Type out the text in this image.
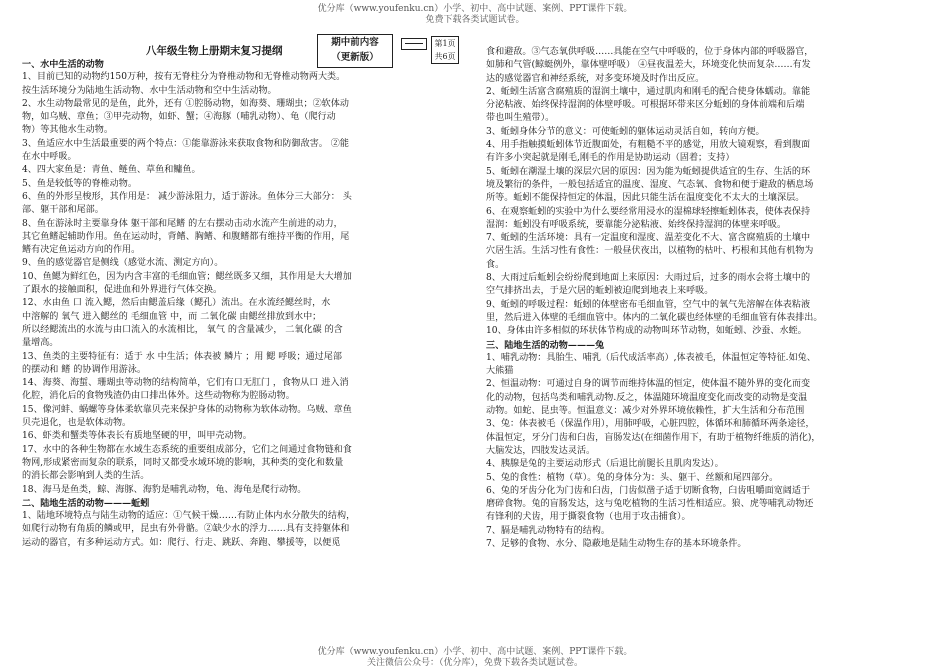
优分库（www.youfenku.cn）小学、初中、高中试题、案例、PPT课件下载。
免费下载各类试题试卷。
八年级生物上册期末复习提纲
期中前内容
（更新版）
第1页
共6页
一、水中生活的动物
1、目前已知的动物约150万种，按有无脊柱分为脊椎动物和无脊椎动物两大类。
按生活环境分为陆地生活动物、水中生活动物和空中生活动物。
2、水生动物最常见的是鱼，此外，还有 ①腔肠动物，如海葵、珊瑚虫；②软体动
物，如乌贼、章鱼；③甲壳动物，如虾、蟹；④海豚（哺乳动物）、龟（爬行动
物）等其他水生动物。
3、鱼适应水中生活最重要的两个特点：①能靠游泳来获取食物和防御敌害。 ②能
在水中呼吸。
4、四大家鱼是：青鱼、鲢鱼、草鱼和鳙鱼。
5、鱼是较低等的脊椎动物。
6、鱼的外形呈梭形，其作用是： 减少游泳阻力，适于游泳。鱼体分三大部分： 头
部、躯干部和尾部。
8、鱼在游泳时主要靠身体 躯干部和尾鳍 的左右摆动击动水流产生前进的动力，
其它鱼鳍起辅助作用。鱼在运动时，背鳍、胸鳍、和腹鳍都有维持平衡的作用，尾
鳍有决定鱼运动方向的作用。
9、鱼的感觉器官是侧线（感觉水流、测定方向）。
10、鱼鳃为鲜红色，因为内含丰富的毛细血管；鳃丝既多又细，其作用是大大增加
了跟水的接触面积，促进血和外界进行气体交换。
12、水由鱼 口 流入鳃，然后由鳃盖后缘（鳃孔）流出。在水流经鳃丝时，水
中溶解的 氧气 进入鳃丝的 毛细血管 中，而 二氧化碳 由鳃丝排放到水中；
所以经鳃流出的水流与由口流入的水流相比， 氧气 的含量减少， 二氧化碳 的含
量增高。
13、鱼类的主要特征有：适于 水 中生活；体表被 鳞片 ；用 鳃 呼吸；通过尾部
的摆动和 鳍 的协调作用游泳。
14、海葵、海蜇、珊瑚虫等动物的结构简单，它们有口无肛门 ，食物从口 进入消
化腔，消化后的食物残渣仍由口排出体外。这些动物称为腔肠动物。
15、像河蚌、蜗螺等身体柔软靠贝壳来保护身体的动物称为软体动物。乌贼、章鱼
贝壳退化，也是软体动物。
16、虾类和蟹类等体表长有质地坚硬的甲，叫甲壳动物。
17、水中的各种生物都在水域生态系统的重要组成部分，它们之间通过食物链和食
物网,形成紧密而复杂的联系，同时又都受水域环境的影响，其种类的变化和数量
的消长都会影响到人类的生活。
18、海马是鱼类，鲸、海豚、海豹是哺乳动物，龟、海龟是爬行动物。
二、陆地生活的动物———蚯蚓
1、陆地环境特点与陆生动物的适应：①气候干燥……有防止体内水分散失的结构，
如爬行动物有角质的鳞或甲，昆虫有外骨骼。②缺少水的浮力……具有支持躯体和
运动的器官，有多种运动方式。如：爬行、行走、跳跃、奔跑、攀援等，以便觅
食和避敌。③气态氧供呼吸……具能在空气中呼吸的，位于身体内部的呼吸器官，
如肺和气管(鲸蜓例外，靠体壁呼吸） ④昼夜温差大，环境变化快而复杂……有发
达的感觉器官和神经系统，对多变环境及时作出反应。
2、蚯蚓生活富含腐殖质的湿润土壤中，通过肌肉和刚毛的配合使身体蠕动。靠能
分泌粘液、始终保持湿润的体壁呼吸。可根据环带来区分蚯蚓的身体前端和后端
带也叫生殖带）。
3、蚯蚓身体分节的意义：可使蚯蚓的躯体运动灵活自如，转向方便。
4、用手指触摸蚯蚓体节近腹面处，有粗糙不平的感觉，用放大镜观察，看到腹面
有许多小突起就是刚毛,刚毛的作用是协助运动（固着；支持）
5、蚯蚓在潮湿土壤的深层穴居的原因：因为能为蚯蚓提供适宜的生存、生活的环
境及繁衍的条件，一般包括适宜的温度、湿度、气态氧、食物和便于避敌的栖息场
所等。蚯蚓不能保持恒定的体温，因此只能生活在温度变化不太大的土壤深层。
6、在观察蚯蚓的实验中为什么要经常用浸水的湿棉球轻擦蚯蚓体表，使体表保持
湿润：蚯蚓没有呼吸系统，要靠能分泌粘液、始终保持湿润的体壁来呼吸。
7、蚯蚓的生活环境：具有一定温度和湿度、温差变化不大、富含腐殖质的土壤中
穴居生活。生活习性有食性：一般昼伏夜出，以植物的枯叶、朽根和其他有机物为
食。
8、大雨过后蚯蚓会纷纷爬到地面上来原因：大雨过后，过多的雨水会将土壤中的
空气排挤出去，于是穴居的蚯蚓被迫爬到地表上来呼吸。
9、蚯蚓的呼吸过程：蚯蚓的体壁密布毛细血管，空气中的氧气先溶解在体表粘液
里，然后进入体壁的毛细血管中。体内的二氧化碳也经体壁的毛细血管有体表排出。
10、身体由许多相似的环状体节构成的动物叫环节动物，如蚯蚓、沙蚕、水蛭。
三、陆地生活的动物———兔
1、哺乳动物：具胎生、哺乳（后代成活率高）,体表被毛，体温恒定等特征.如兔、
大熊猫
2、恒温动物：可通过自身的调节而维持体温的恒定，使体温不随外界的变化而变
化的动物，包括鸟类和哺乳动物.反之，体温随环境温度变化而改变的动物是变温
动物。如蛇、昆虫等。恒温意义：减少对外界环境依赖性，扩大生活和分布范围
3、兔：体表被毛（保温作用），用肺呼吸，心脏四腔，体循环和肺循环两条途径，
体温恒定，牙分门齿和臼齿，盲肠发达(在细菌作用下，有助于植物纤维质的消化)，
大脑发达，四肢发达灵活。
4、胰腺是兔的主要运动形式（后退比前腿长且肌肉发达）。
5、兔的食性：植物（草）。兔的身体分为：头、躯干、丝额和尾四部分。
6、兔的牙齿分化为门齿和臼齿，门齿似凿子适于切断食物，臼齿咀嚼面宽阔适于
磨碎食物。兔的盲肠发达，这与兔吃植物的生活习性相适应。狼、虎等哺乳动物还
有锋利的犬齿，用于撕裂食物（也用于攻击捕食）。
7、膈是哺乳动物特有的结构。
7、足够的食物、水分、隐蔽地是陆生动物生存的基本环境条件。
优分库（www.youfenku.cn）小学、初中、高中试题、案例、PPT课件下载。
关注微信公众号：（优分库），免费下载各类试题试卷。
